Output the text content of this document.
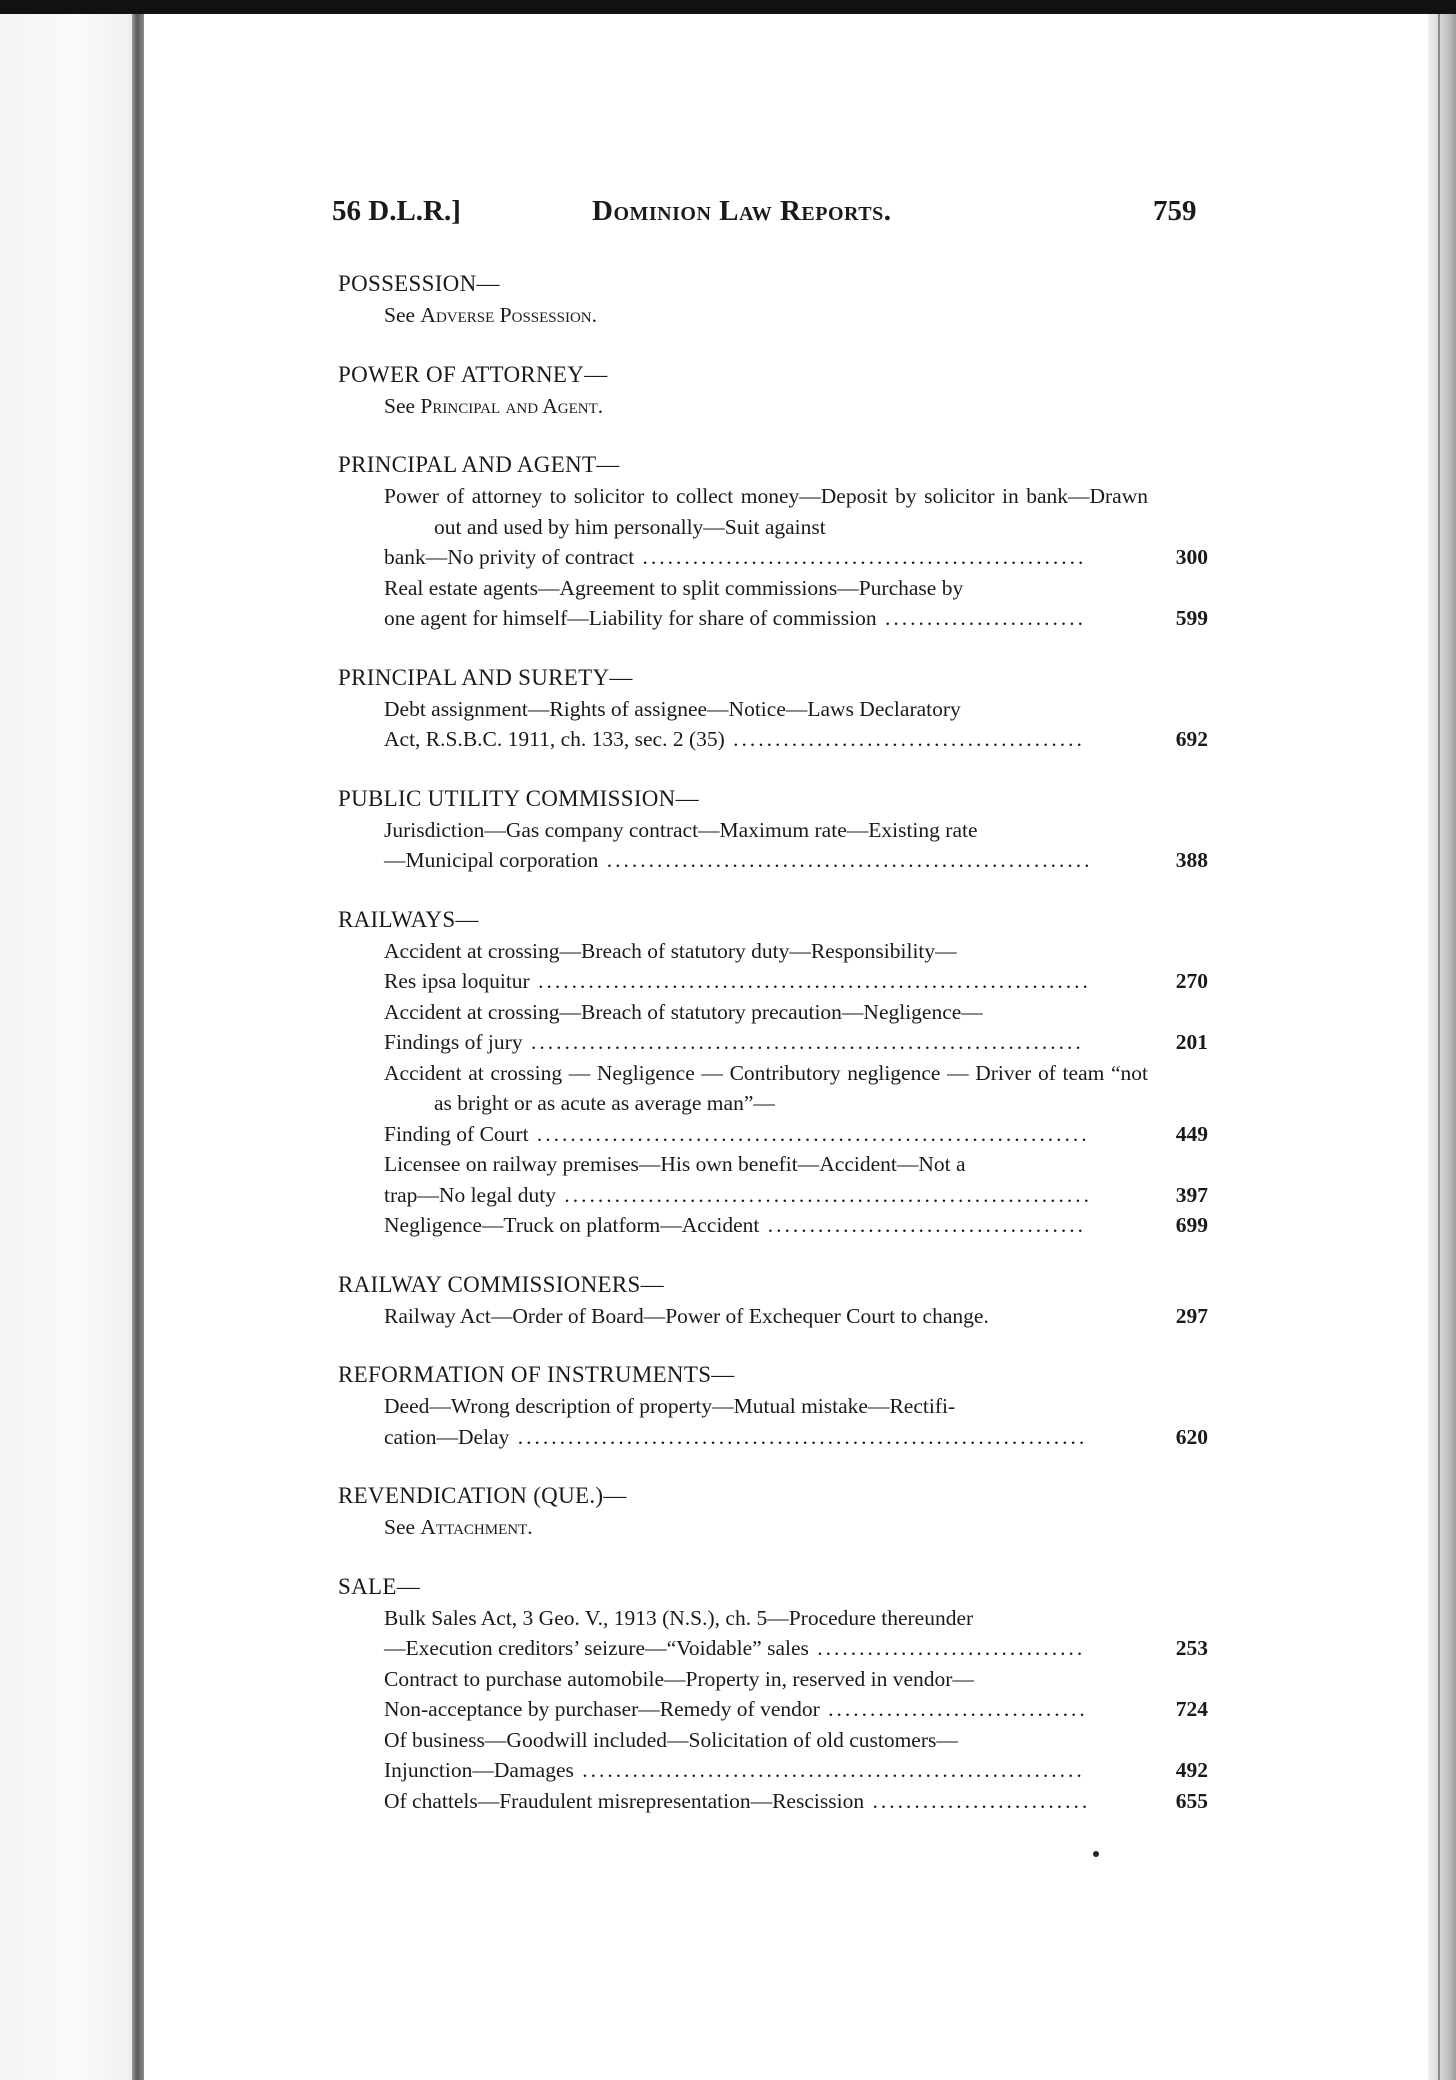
56 D.L.R.]	Dominion Law Reports.	759
POSSESSION—
See Adverse Possession.
POWER OF ATTORNEY—
See Principal and Agent.
PRINCIPAL AND AGENT—
Power of attorney to solicitor to collect money—Deposit by solicitor in bank—Drawn out and used by him personally—Suit against
bank—No privity of contract .....................................................	300
Real estate agents—Agreement to split commissions—Purchase by
one agent for himself—Liability for share of commission ........................	599
PRINCIPAL AND SURETY—
Debt assignment—Rights of assignee—Notice—Laws Declaratory
Act, R.S.B.C. 1911, ch. 133, sec. 2 (35) ..........................................	692
PUBLIC UTILITY COMMISSION—
Jurisdiction—Gas company contract—Maximum rate—Existing rate
—Municipal corporation ..........................................................	388
RAILWAYS—
Accident at crossing—Breach of statutory duty—Responsibility—
Res ipsa loquitur ..................................................................	270
Accident at crossing—Breach of statutory precaution—Negligence—
Findings of jury ..................................................................	201
Accident at crossing — Negligence — Contributory negligence — Driver of team “not as bright or as acute as average man”—
Finding of Court ..................................................................	449
Licensee on railway premises—His own benefit—Accident—Not a
trap—No legal duty ...............................................................	397
Negligence—Truck on platform—Accident ......................................	699
RAILWAY COMMISSIONERS—
Railway Act—Order of Board—Power of Exchequer Court to change.	297
REFORMATION OF INSTRUMENTS—
Deed—Wrong description of property—Mutual mistake—Rectifi-
cation—Delay ....................................................................	620
REVENDICATION (QUE.)—
See Attachment.
SALE—
Bulk Sales Act, 3 Geo. V., 1913 (N.S.), ch. 5—Procedure thereunder
—Execution creditors’ seizure—“Voidable” sales ................................	253
Contract to purchase automobile—Property in, reserved in vendor—
Non-acceptance by purchaser—Remedy of vendor ...............................	724
Of business—Goodwill included—Solicitation of old customers—
Injunction—Damages ............................................................	492
Of chattels—Fraudulent misrepresentation—Rescission ..........................	655
